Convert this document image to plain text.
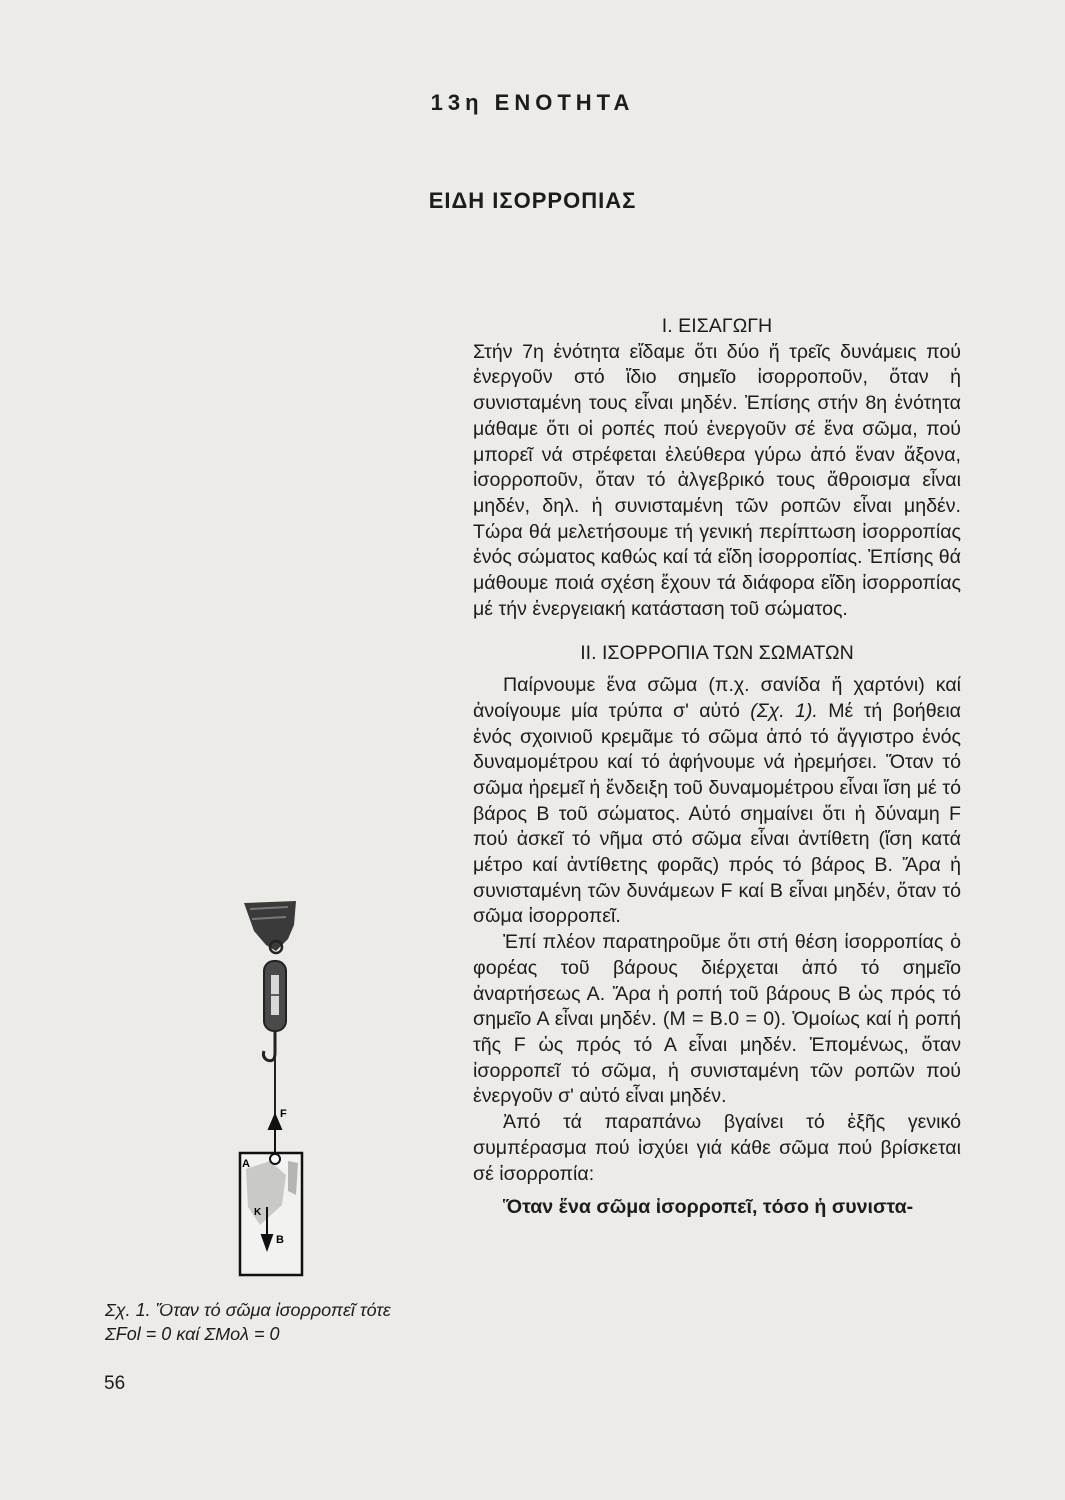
13η ΕΝΟΤΗΤΑ
ΕΙΔΗ ΙΣΟΡΡΟΠΙΑΣ
Ι. ΕΙΣΑΓΩΓΗ

Στήν 7η ἑνότητα εἴδαμε ὅτι δύο ἤ τρεῖς δυνάμεις πού ἐνεργοῦν στό ἴδιο σημεῖο ἰσορροποῦν, ὅταν ἡ συνισταμένη τους εἶναι μηδέν. Ἐπίσης στήν 8η ἑνότητα μάθαμε ὅτι οἱ ροπές πού ἐνεργοῦν σέ ἕνα σῶμα, πού μπορεῖ νά στρέφεται ἐλεύθερα γύρω ἀπό ἕναν ἄξονα, ἰσορροποῦν, ὅταν τό ἀλγεβρικό τους ἄθροισμα εἶναι μηδέν, δηλ. ἡ συνισταμένη τῶν ροπῶν εἶναι μηδέν. Τώρα θά μελετήσουμε τή γενική περίπτωση ἰσορροπίας ἑνός σώματος καθώς καί τά εἴδη ἰσορροπίας. Ἐπίσης θά μάθουμε ποιά σχέση ἔχουν τά διάφορα εἴδη ἰσορροπίας μέ τήν ἐνεργειακή κατάσταση τοῦ σώματος.

ΙΙ. ΙΣΟΡΡΟΠΙΑ ΤΩΝ ΣΩΜΑΤΩΝ

Παίρνουμε ἕνα σῶμα (π.χ. σανίδα ἤ χαρτόνι) καί ἀνοίγουμε μία τρύπα σ' αὐτό (Σχ. 1). Μέ τή βοήθεια ἑνός σχοινιοῦ κρεμᾶμε τό σῶμα ἀπό τό ἄγγιστρο ἑνός δυναμομέτρου καί τό ἀφήνουμε νά ἠρεμήσει. Ὅταν τό σῶμα ἠρεμεῖ ἡ ἔνδειξη τοῦ δυναμομέτρου εἶναι ἴση μέ τό βάρος Β τοῦ σώματος. Αὐτό σημαίνει ὅτι ἡ δύναμη F πού ἀσκεῖ τό νῆμα στό σῶμα εἶναι ἀντίθετη (ἴση κατά μέτρο καί ἀντίθετης φορᾶς) πρός τό βάρος Β. Ἄρα ἡ συνισταμένη τῶν δυνάμεων F καί Β εἶναι μηδέν, ὅταν τό σῶμα ἰσορροπεῖ.

Ἐπί πλέον παρατηροῦμε ὅτι στή θέση ἰσορροπίας ὁ φορέας τοῦ βάρους διέρχεται ἀπό τό σημεῖο ἀναρτήσεως Α. Ἄρα ἡ ροπή τοῦ βάρους Β ὡς πρός τό σημεῖο Α εἶναι μηδέν. (Μ = Β.0 = 0). Ὁμοίως καί ἡ ροπή τῆς F ὡς πρός τό Α εἶναι μηδέν. Ἐπομένως, ὅταν ἰσορροπεῖ τό σῶμα, ἡ συνισταμένη τῶν ροπῶν πού ἐνεργοῦν σ' αὐτό εἶναι μηδέν.

Ἀπό τά παραπάνω βγαίνει τό ἑξῆς γενικό συμπέρασμα πού ἰσχύει γιά κάθε σῶμα πού βρίσκεται σέ ἰσορροπία:

Ὅταν ἕνα σῶμα ἰσορροπεῖ, τόσο ἡ συνιστα-

F
A
K
B
Σχ. 1. Ὅταν τό σῶμα ἰσορροπεῖ τότε
ΣFol = 0 καί ΣΜολ = 0
56
